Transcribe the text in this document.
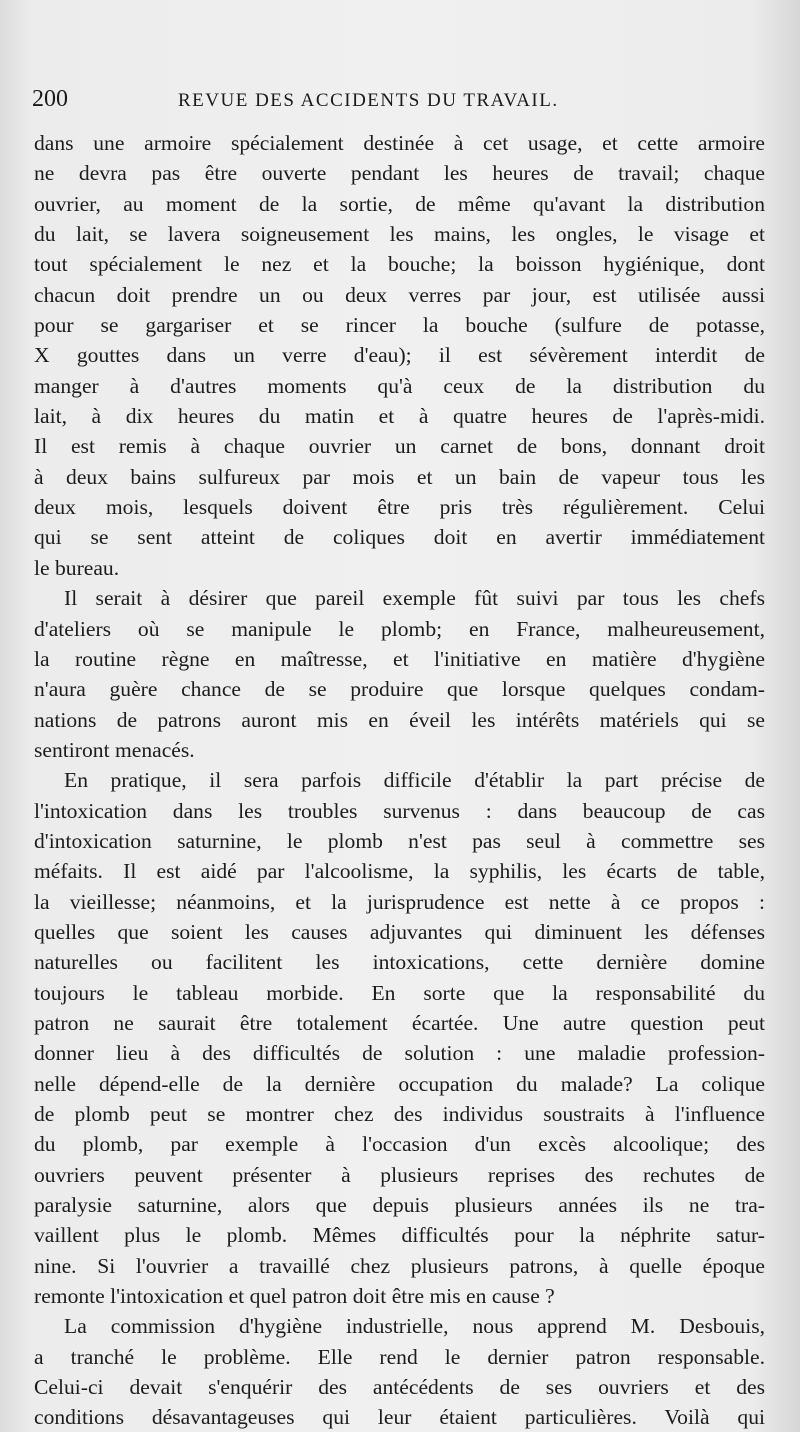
200	REVUE DES ACCIDENTS DU TRAVAIL.
dans une armoire spécialement destinée à cet usage, et cette armoire
ne devra pas être ouverte pendant les heures de travail; chaque
ouvrier, au moment de la sortie, de même qu'avant la distribution
du lait, se lavera soigneusement les mains, les ongles, le visage et
tout spécialement le nez et la bouche; la boisson hygiénique, dont
chacun doit prendre un ou deux verres par jour, est utilisée aussi
pour se gargariser et se rincer la bouche (sulfure de potasse,
X gouttes dans un verre d'eau); il est sévèrement interdit de
manger à d'autres moments qu'à ceux de la distribution du
lait, à dix heures du matin et à quatre heures de l'après-midi.
Il est remis à chaque ouvrier un carnet de bons, donnant droit
à deux bains sulfureux par mois et un bain de vapeur tous les
deux mois, lesquels doivent être pris très régulièrement. Celui
qui se sent atteint de coliques doit en avertir immédiatement
le bureau.
Il serait à désirer que pareil exemple fût suivi par tous les chefs
d'ateliers où se manipule le plomb; en France, malheureusement,
la routine règne en maîtresse, et l'initiative en matière d'hygiène
n'aura guère chance de se produire que lorsque quelques condam-
nations de patrons auront mis en éveil les intérêts matériels qui se
sentiront menacés.
En pratique, il sera parfois difficile d'établir la part précise de
l'intoxication dans les troubles survenus : dans beaucoup de cas
d'intoxication saturnine, le plomb n'est pas seul à commettre ses
méfaits. Il est aidé par l'alcoolisme, la syphilis, les écarts de table,
la vieillesse; néanmoins, et la jurisprudence est nette à ce propos :
quelles que soient les causes adjuvantes qui diminuent les défenses
naturelles ou facilitent les intoxications, cette dernière domine
toujours le tableau morbide. En sorte que la responsabilité du
patron ne saurait être totalement écartée. Une autre question peut
donner lieu à des difficultés de solution : une maladie profession-
nelle dépend-elle de la dernière occupation du malade? La colique
de plomb peut se montrer chez des individus soustraits à l'influence
du plomb, par exemple à l'occasion d'un excès alcoolique; des
ouvriers peuvent présenter à plusieurs reprises des rechutes de
paralysie saturnine, alors que depuis plusieurs années ils ne tra-
vaillent plus le plomb. Mêmes difficultés pour la néphrite satur-
nine. Si l'ouvrier a travaillé chez plusieurs patrons, à quelle époque
remonte l'intoxication et quel patron doit être mis en cause ?
La commission d'hygiène industrielle, nous apprend M. Desbouis,
a tranché le problème. Elle rend le dernier patron responsable.
Celui-ci devait s'enquérir des antécédents de ses ouvriers et des
conditions désavantageuses qui leur étaient particulières. Voilà qui
